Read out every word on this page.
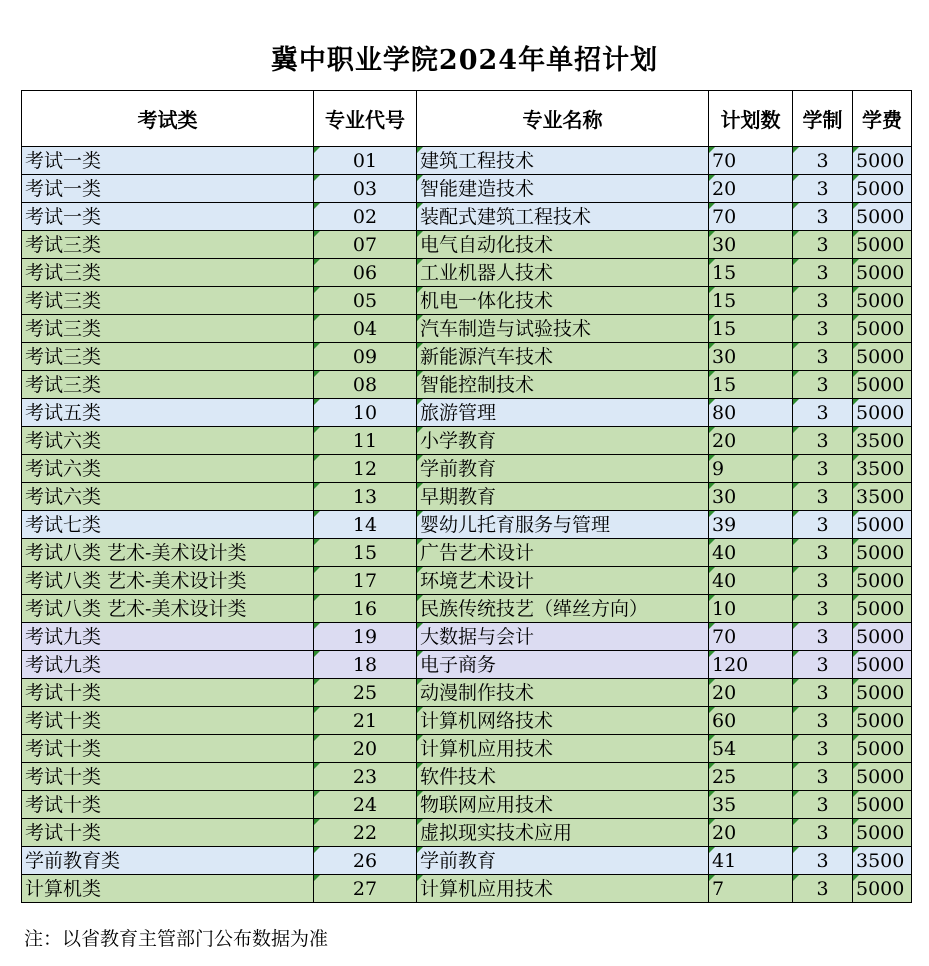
冀中职业学院2024年单招计划
考试类	专业代号	专业名称	计划数	学制	学费
考试一类	01	建筑工程技术	70	3	5000
考试一类	03	智能建造技术	20	3	5000
考试一类	02	装配式建筑工程技术	70	3	5000
考试三类	07	电气自动化技术	30	3	5000
考试三类	06	工业机器人技术	15	3	5000
考试三类	05	机电一体化技术	15	3	5000
考试三类	04	汽车制造与试验技术	15	3	5000
考试三类	09	新能源汽车技术	30	3	5000
考试三类	08	智能控制技术	15	3	5000
考试五类	10	旅游管理	80	3	5000
考试六类	11	小学教育	20	3	3500
考试六类	12	学前教育	9	3	3500
考试六类	13	早期教育	30	3	3500
考试七类	14	婴幼儿托育服务与管理	39	3	5000
考试八类 艺术-美术设计类	15	广告艺术设计	40	3	5000
考试八类 艺术-美术设计类	17	环境艺术设计	40	3	5000
考试八类 艺术-美术设计类	16	民族传统技艺（缂丝方向）	10	3	5000
考试九类	19	大数据与会计	70	3	5000
考试九类	18	电子商务	120	3	5000
考试十类	25	动漫制作技术	20	3	5000
考试十类	21	计算机网络技术	60	3	5000
考试十类	20	计算机应用技术	54	3	5000
考试十类	23	软件技术	25	3	5000
考试十类	24	物联网应用技术	35	3	5000
考试十类	22	虚拟现实技术应用	20	3	5000
学前教育类	26	学前教育	41	3	3500
计算机类	27	计算机应用技术	7	3	5000
注：以省教育主管部门公布数据为准
